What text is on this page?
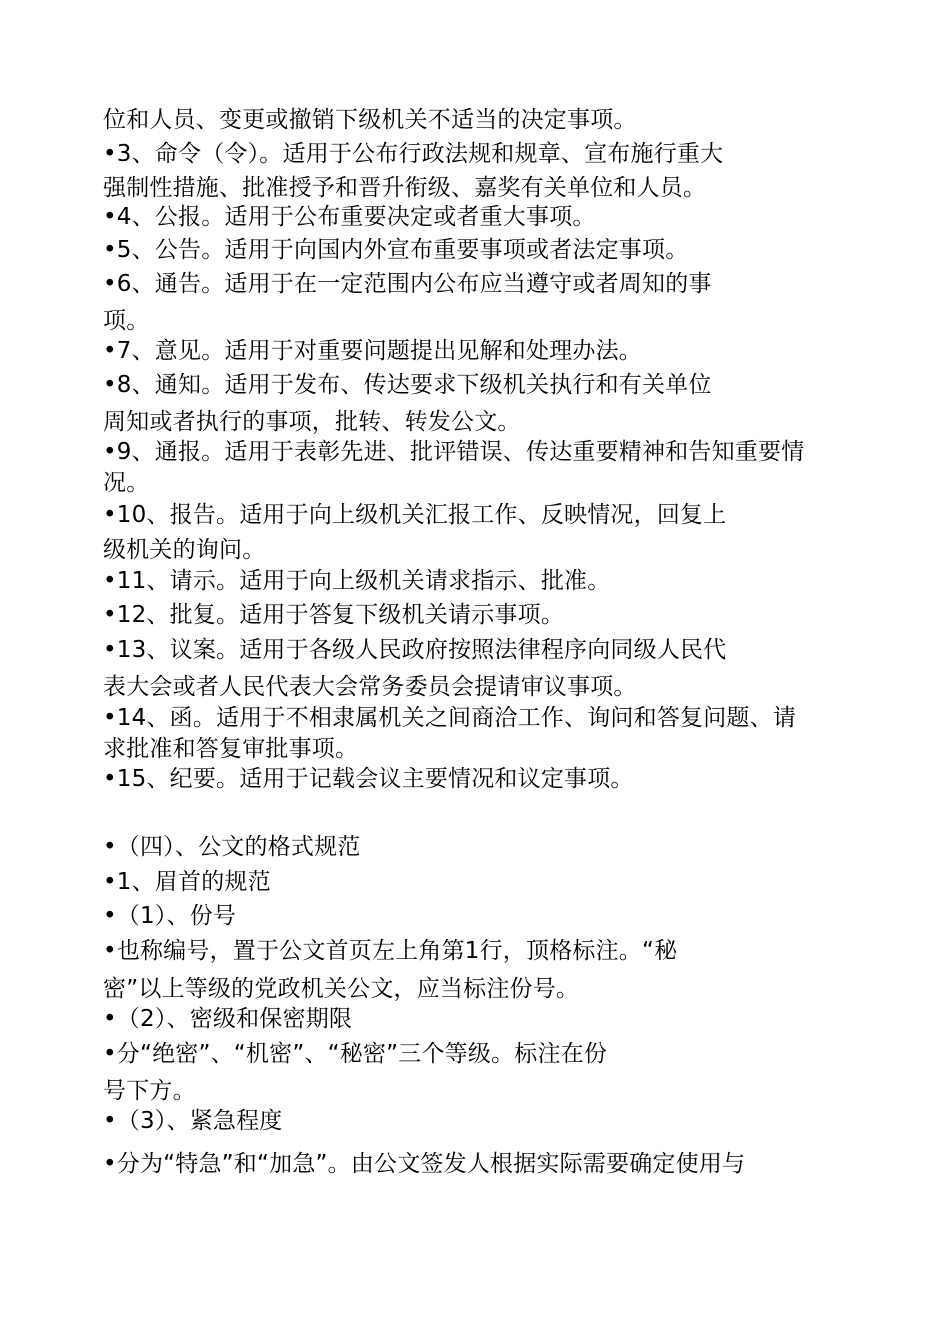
位和人员、变更或撤销下级机关不适当的决定事项。
•3、命令（令）。适用于公布行政法规和规章、宣布施行重大
强制性措施、批准授予和晋升衔级、嘉奖有关单位和人员。
•4、公报。适用于公布重要决定或者重大事项。
•5、公告。适用于向国内外宣布重要事项或者法定事项。
•6、通告。适用于在一定范围内公布应当遵守或者周知的事
项。
•7、意见。适用于对重要问题提出见解和处理办法。
•8、通知。适用于发布、传达要求下级机关执行和有关单位
周知或者执行的事项，批转、转发公文。
•9、通报。适用于表彰先进、批评错误、传达重要精神和告知重要情
况。
•10、报告。适用于向上级机关汇报工作、反映情况，回复上
级机关的询问。
•11、请示。适用于向上级机关请求指示、批准。
•12、批复。适用于答复下级机关请示事项。
•13、议案。适用于各级人民政府按照法律程序向同级人民代
表大会或者人民代表大会常务委员会提请审议事项。
•14、函。适用于不相隶属机关之间商洽工作、询问和答复问题、请
求批准和答复审批事项。
•15、纪要。适用于记载会议主要情况和议定事项。
•（四）、公文的格式规范
•1、眉首的规范
•（1）、份号
•也称编号，置于公文首页左上角第1行，顶格标注。“秘
密”以上等级的党政机关公文，应当标注份号。
•（2）、密级和保密期限
•分“绝密”、“机密”、“秘密”三个等级。标注在份
号下方。
•（3）、紧急程度
•分为“特急”和“加急”。由公文签发人根据实际需要确定使用与
